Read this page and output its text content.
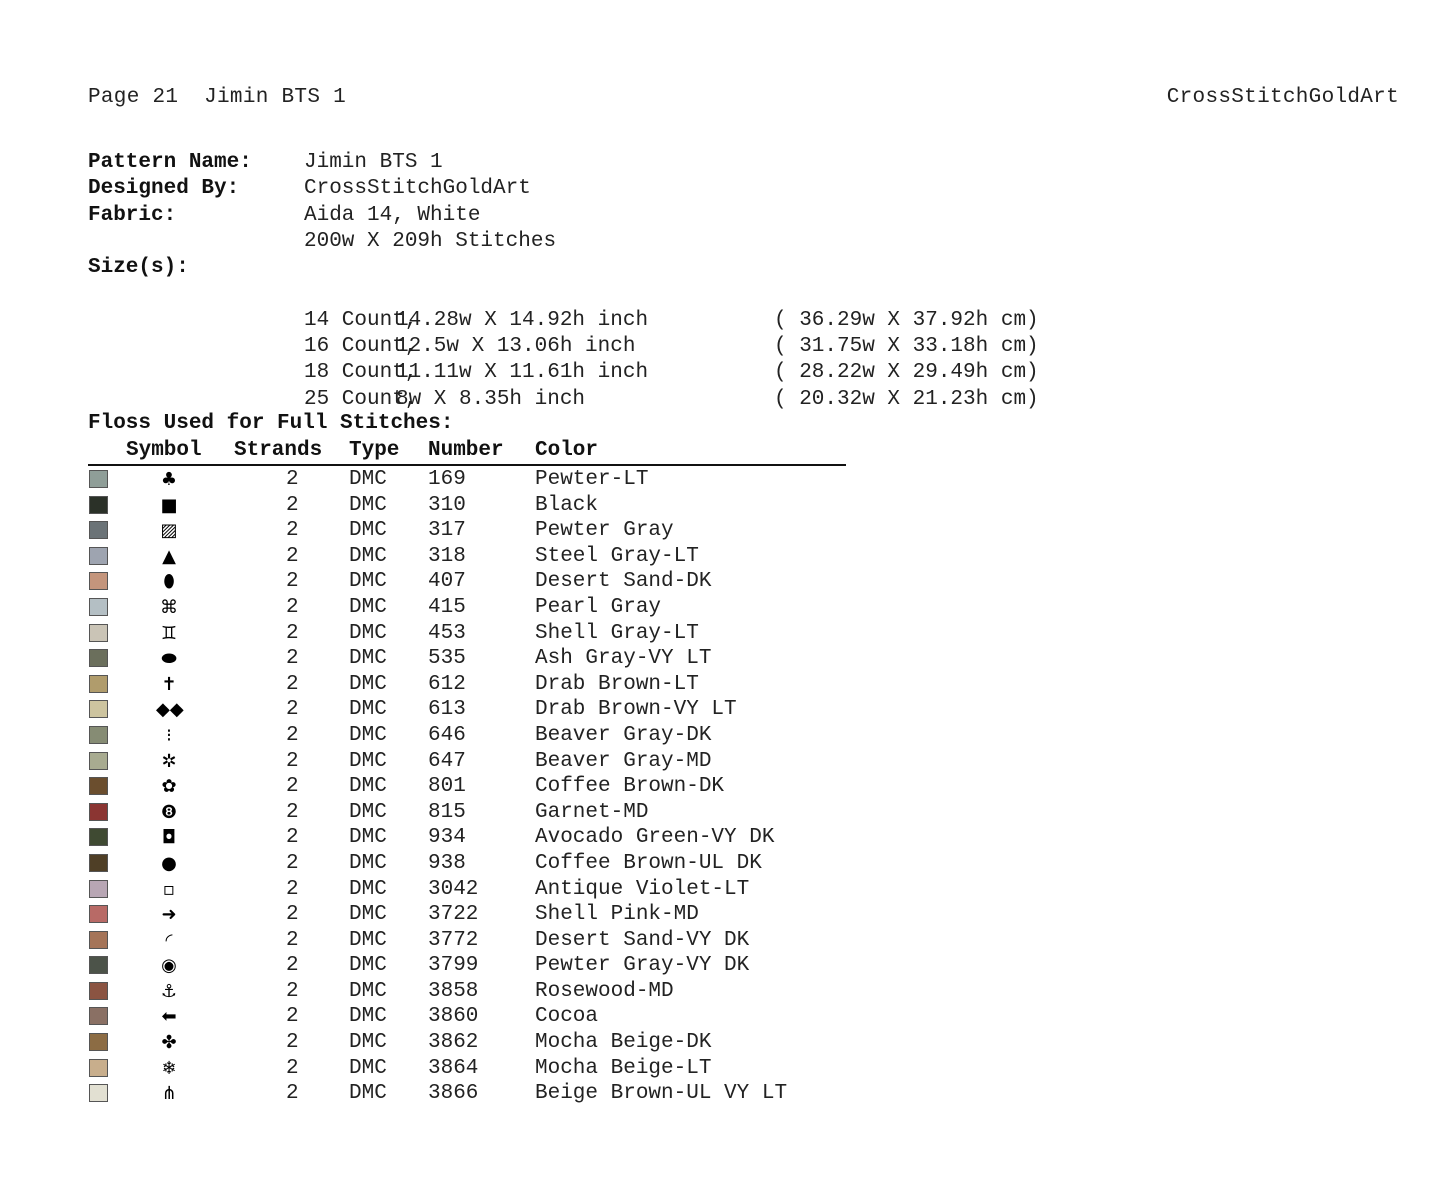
Page 21  Jimin BTS 1	CrossStitchGoldArt
Pattern Name:	Jimin BTS 1
Designed By:	CrossStitchGoldArt
Fabric:	Aida 14, White
200w X 209h Stitches
Size(s):

14 Count,
14.28w X 14.92h inch	( 36.29w X 37.92h cm)

16 Count,
12.5w X 13.06h inch	( 31.75w X 33.18h cm)

18 Count,
11.11w X 11.61h inch	( 28.22w X 29.49h cm)

25 Count,
8w X 8.35h inch	( 20.32w X 21.23h cm)

Floss Used for Full Stitches:
Symbol Strands Type Number Color
♣	2 DMC 169	Pewter-LT
■	2 DMC 310	Black
▨	2 DMC 317	Pewter Gray
▲	2 DMC 318	Steel Gray-LT
⬮	2 DMC 407	Desert Sand-DK
⌘	2 DMC 415	Pearl Gray
♊	2 DMC 453	Shell Gray-LT
⬬	2 DMC 535	Ash Gray-VY LT
✝	2 DMC 612	Drab Brown-LT
◆◆	2 DMC 613	Drab Brown-VY LT
⁝	2 DMC 646	Beaver Gray-DK
✲	2 DMC 647	Beaver Gray-MD
✿	2 DMC 801	Coffee Brown-DK
❽	2 DMC 815	Garnet-MD
◘	2 DMC 934	Avocado Green-VY DK
●	2 DMC 938	Coffee Brown-UL DK
▫	2 DMC 3042	Antique Violet-LT
➜	2 DMC 3722	Shell Pink-MD
◜	2 DMC 3772	Desert Sand-VY DK
◉	2 DMC 3799	Pewter Gray-VY DK
⚓	2 DMC 3858	Rosewood-MD
⬅	2 DMC 3860	Cocoa
✤	2 DMC 3862	Mocha Beige-DK
❄	2 DMC 3864	Mocha Beige-LT
⋔	2 DMC 3866	Beige Brown-UL VY LT
